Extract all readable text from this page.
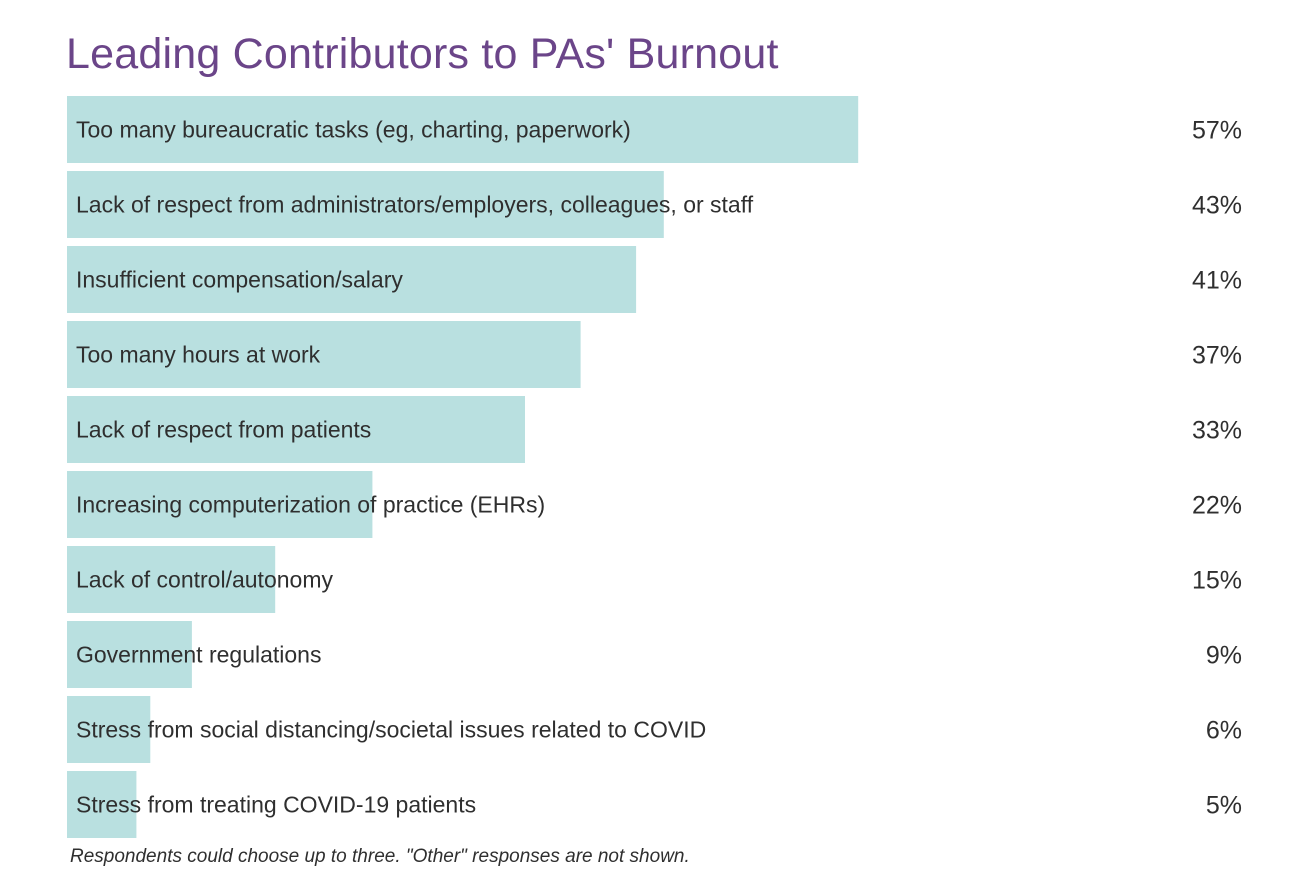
Leading Contributors to PAs' Burnout
Too many bureaucratic tasks (eg, charting, paperwork)	57%
Lack of respect from administrators/employers, colleagues, or staff	43%
Insufficient compensation/salary	41%
Too many hours at work	37%
Lack of respect from patients	33%
Increasing computerization of practice (EHRs)	22%
Lack of control/autonomy	15%
Government regulations	9%
Stress from social distancing/societal issues related to COVID	6%
Stress from treating COVID-19 patients	5%
Respondents could choose up to three. "Other" responses are not shown.
